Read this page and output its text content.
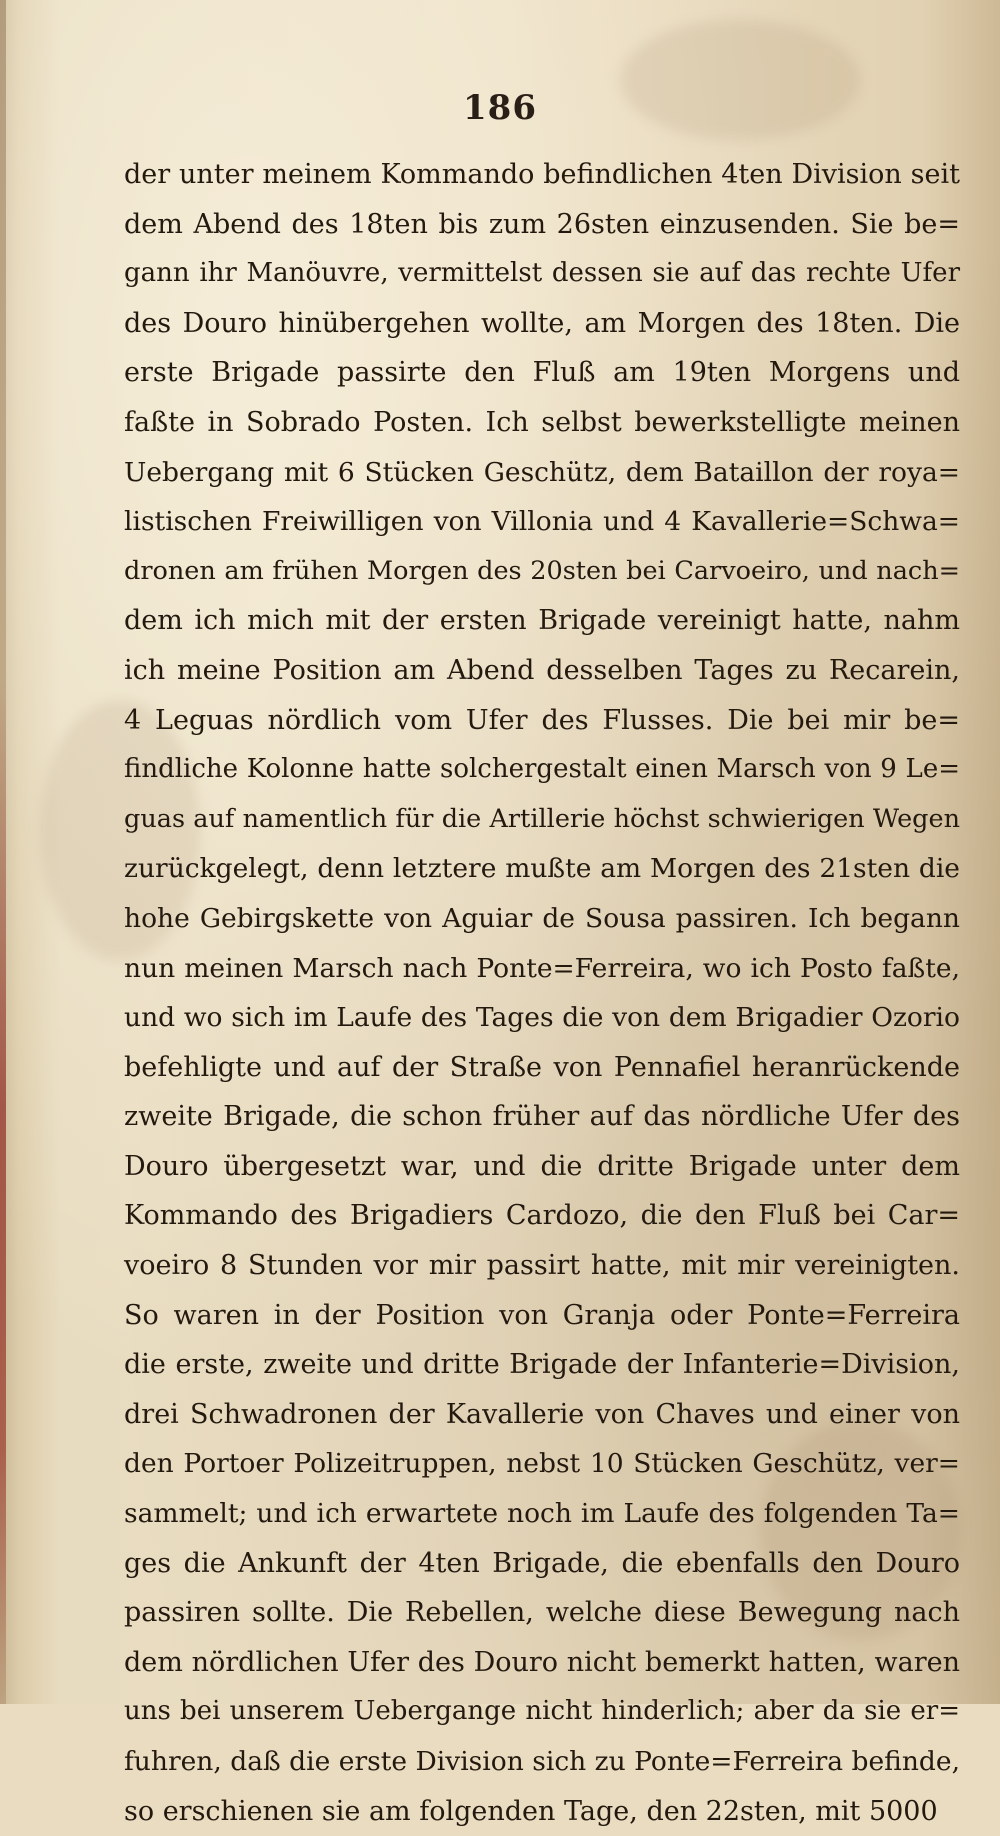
186
der unter meinem Kommando befindlichen 4ten Division seit
dem Abend des 18ten bis zum 26sten einzusenden. Sie be=
gann ihr Manöuvre, vermittelst dessen sie auf das rechte Ufer
des Douro hinübergehen wollte, am Morgen des 18ten. Die
erste Brigade passirte den Fluß am 19ten Morgens und
faßte in Sobrado Posten. Ich selbst bewerkstelligte meinen
Uebergang mit 6 Stücken Geschütz, dem Bataillon der roya=
listischen Freiwilligen von Villonia und 4 Kavallerie=Schwa=
dronen am frühen Morgen des 20sten bei Carvoeiro, und nach=
dem ich mich mit der ersten Brigade vereinigt hatte, nahm
ich meine Position am Abend desselben Tages zu Recarein,
4 Leguas nördlich vom Ufer des Flusses. Die bei mir be=
findliche Kolonne hatte solchergestalt einen Marsch von 9 Le=
guas auf namentlich für die Artillerie höchst schwierigen Wegen
zurückgelegt, denn letztere mußte am Morgen des 21sten die
hohe Gebirgskette von Aguiar de Sousa passiren. Ich begann
nun meinen Marsch nach Ponte=Ferreira, wo ich Posto faßte,
und wo sich im Laufe des Tages die von dem Brigadier Ozorio
befehligte und auf der Straße von Pennafiel heranrückende
zweite Brigade, die schon früher auf das nördliche Ufer des
Douro übergesetzt war, und die dritte Brigade unter dem
Kommando des Brigadiers Cardozo, die den Fluß bei Car=
voeiro 8 Stunden vor mir passirt hatte, mit mir vereinigten.
So waren in der Position von Granja oder Ponte=Ferreira
die erste, zweite und dritte Brigade der Infanterie=Division,
drei Schwadronen der Kavallerie von Chaves und einer von
den Portoer Polizeitruppen, nebst 10 Stücken Geschütz, ver=
sammelt; und ich erwartete noch im Laufe des folgenden Ta=
ges die Ankunft der 4ten Brigade, die ebenfalls den Douro
passiren sollte. Die Rebellen, welche diese Bewegung nach
dem nördlichen Ufer des Douro nicht bemerkt hatten, waren
uns bei unserem Uebergange nicht hinderlich; aber da sie er=
fuhren, daß die erste Division sich zu Ponte=Ferreira befinde,
so erschienen sie am folgenden Tage, den 22sten, mit 5000
